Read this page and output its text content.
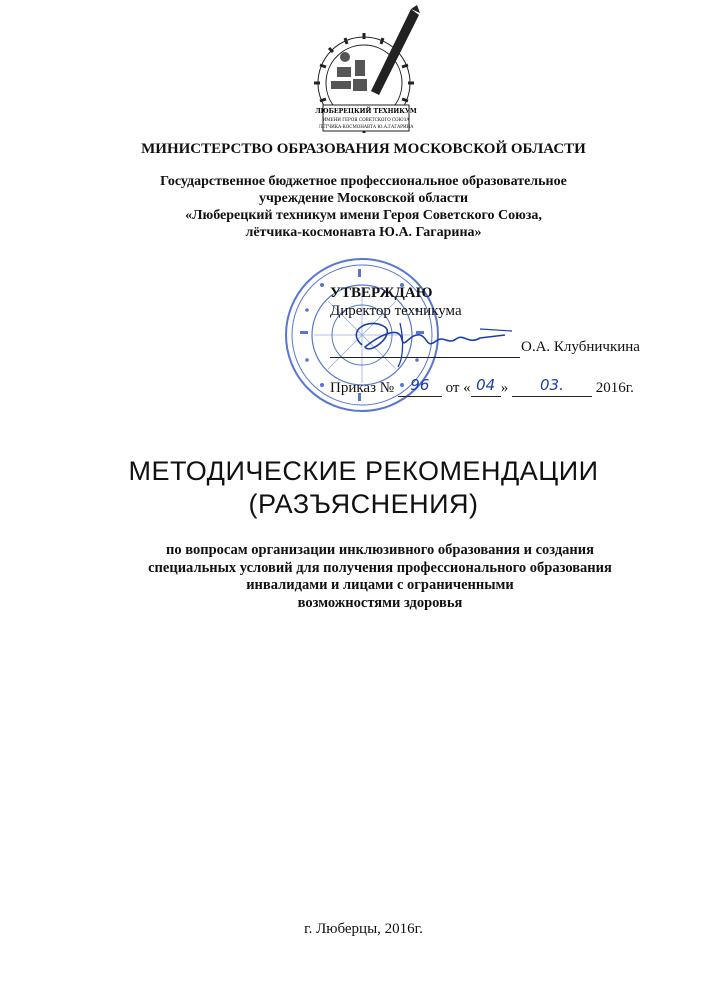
ЛЮБЕРЕЦКИЙ ТЕХНИКУМ
ИМЕНИ ГЕРОЯ СОВЕТСКОГО СОЮЗА
ЛЁТЧИКА-КОСМОНАВТА Ю.А.ГАГАРИНА
МИНИСТЕРСТВО ОБРАЗОВАНИЯ МОСКОВСКОЙ ОБЛАСТИ
Государственное бюджетное профессиональное образовательное
учреждение Московской области
«Люберецкий техникум имени Героя Советского Союза,
лётчика-космонавта Ю.А. Гагарина»
УТВЕРЖДАЮ
Директор техникума
О.А. Клубничкина
Приказ № 96 от « 04 » 03. 2016г.
МЕТОДИЧЕСКИЕ РЕКОМЕНДАЦИИ
(РАЗЪЯСНЕНИЯ)
по вопросам организации инклюзивного образования и создания
специальных условий для получения профессионального образования
инвалидами и лицами с ограниченными
возможностями здоровья
г. Люберцы, 2016г.
